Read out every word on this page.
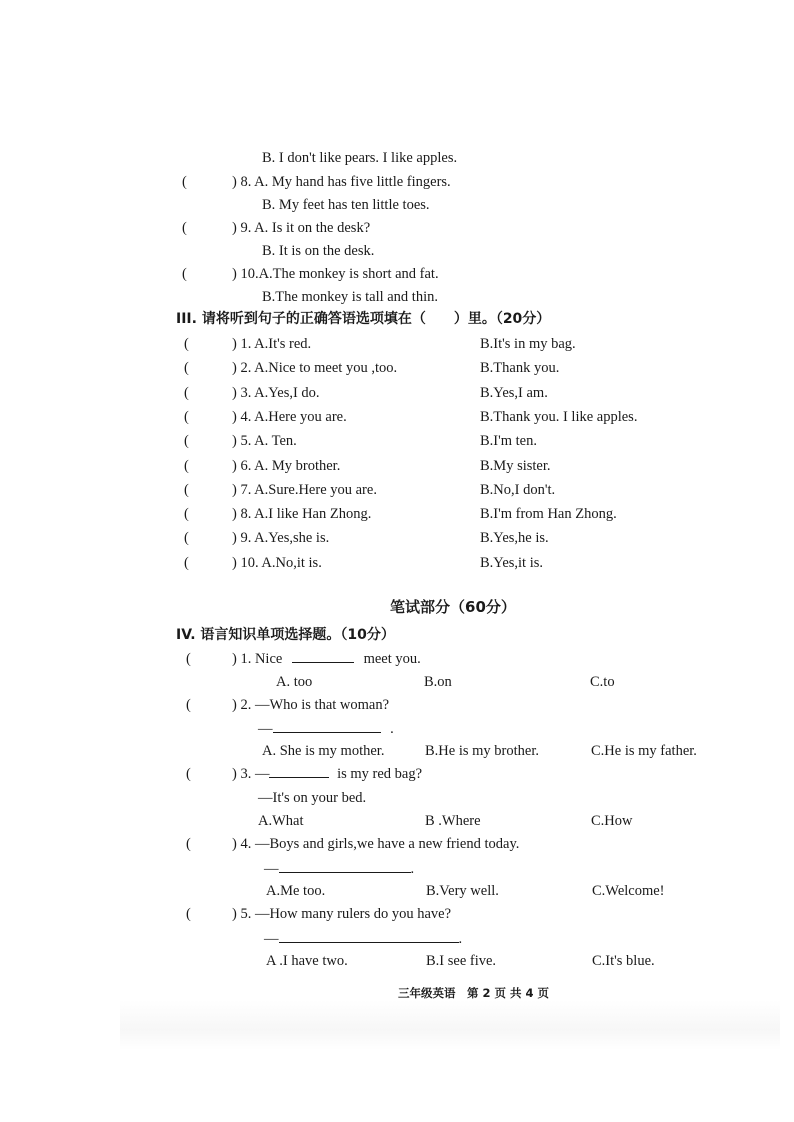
B. I don't like pears. I like apples.
(	) 8. A. My hand has five little fingers.
B. My feet has ten little toes.
(	) 9. A. Is it on the desk?
B. It is on the desk.
(	) 10.A.The monkey is short and fat.
B.The monkey is tall and thin.
III. 请将听到句子的正确答语选项填在（　　）里。（20分）
(	) 1. A.It's red.	B.It's in my bag.
(	) 2. A.Nice to meet you ,too.	B.Thank you.
(	) 3. A.Yes,I do.	B.Yes,I am.
(	) 4. A.Here you are.	B.Thank you. I like apples.
(	) 5. A. Ten.	B.I'm ten.
(	) 6. A. My brother.	B.My sister.
(	) 7. A.Sure.Here you are.	B.No,I don't.
(	) 8. A.I like Han Zhong.	B.I'm from Han Zhong.
(	) 9. A.Yes,she is.	B.Yes,he is.
(	) 10. A.No,it is.	B.Yes,it is.
笔试部分（60分）
IV. 语言知识单项选择题。（10分）
(	) 1. Nice	meet you.
A. too	B.on	C.to
(	) 2. —Who is that woman?
—	.
A. She is my mother.	B.He is my brother.	C.He is my father.
(	) 3. —	is my red bag?
—It's on your bed.
A.What	B .Where	C.How
(	) 4. —Boys and girls,we have a new friend today.
—	.
A.Me too.	B.Very well.	C.Welcome!
(	) 5. —How many rulers do you have?
—	.
A .I have two.	B.I see five.	C.It's blue.
三年级英语　第 2 页 共 4 页
